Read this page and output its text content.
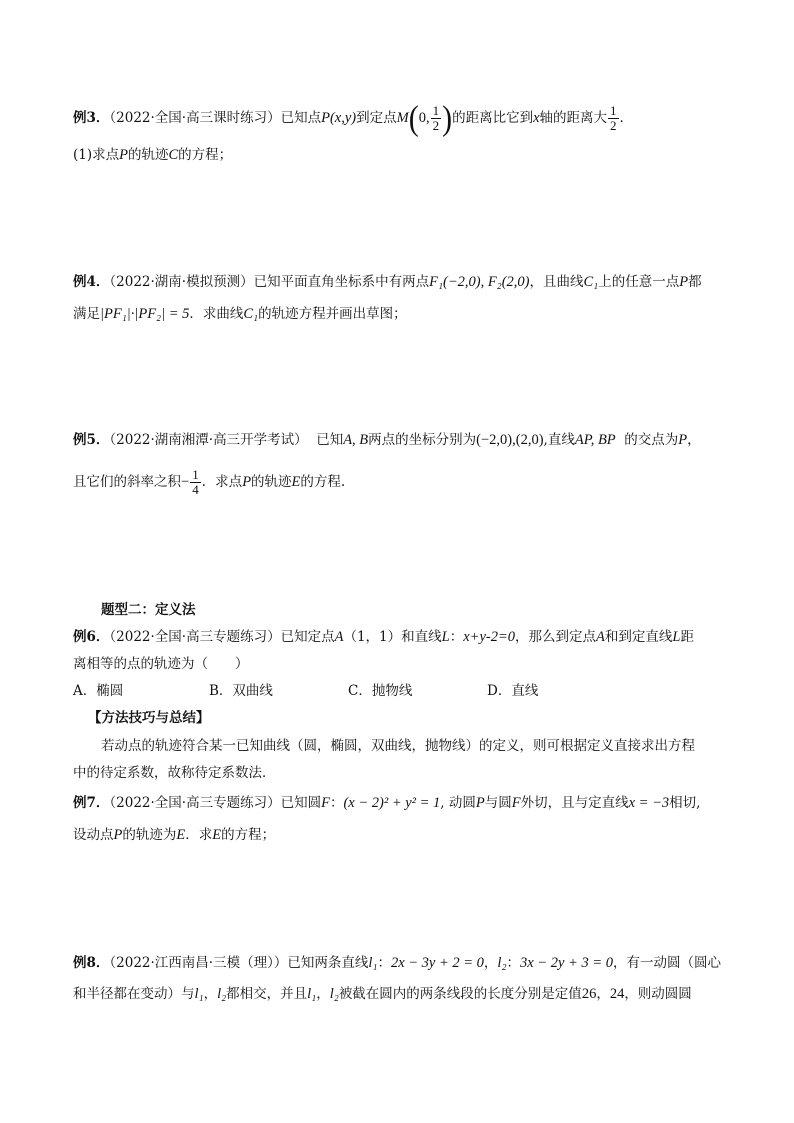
例3．（2022·全国·高三课时练习）已知点P(x,y)到定点M(0, $\frac{1}{2}$ )的距离比它到x轴的距离大 $\frac{1}{2}$ ．
(1)求点P的轨迹C的方程；
例4．（2022·湖南·模拟预测）已知平面直角坐标系中有两点F₁(−2,0), F₂(2,0)，且曲线C₁上的任意一点P都
满足|PF₁|·|PF₂| = 5．求曲线C₁的轨迹方程并画出草图；
例5．（2022·湖南湘潭·高三开学考试） 已知A, B两点的坐标分别为(−2,0),(2,0),直线AP, BP 的交点为P，
且它们的斜率之积− $\frac{1}{4}$ ．求点P的轨迹E的方程.
题型二：定义法
例6．（2022·全国·高三专题练习）已知定点A（1，1）和直线L：x+y-2=0，那么到定点A和到定直线L距
离相等的点的轨迹为（　　）
A．椭圆	B．双曲线	C．抛物线	D．直线
【方法技巧与总结】
若动点的轨迹符合某一已知曲线（圆，椭圆，双曲线，抛物线）的定义，则可根据定义直接求出方程
中的待定系数，故称待定系数法．
例7．（2022·全国·高三专题练习）已知圆F：(x − 2)² + y² = 1, 动圆P与圆F外切，且与定直线x = −3相切,
设动点P的轨迹为E．求E的方程；
例8．（2022·江西南昌·三模（理））已知两条直线l₁：2x − 3y + 2 = 0，l₂：3x − 2y + 3 = 0，有一动圆（圆心
和半径都在变动）与l₁，l₂都相交，并且l₁，l₂被截在圆内的两条线段的长度分别是定值26，24，则动圆圆
